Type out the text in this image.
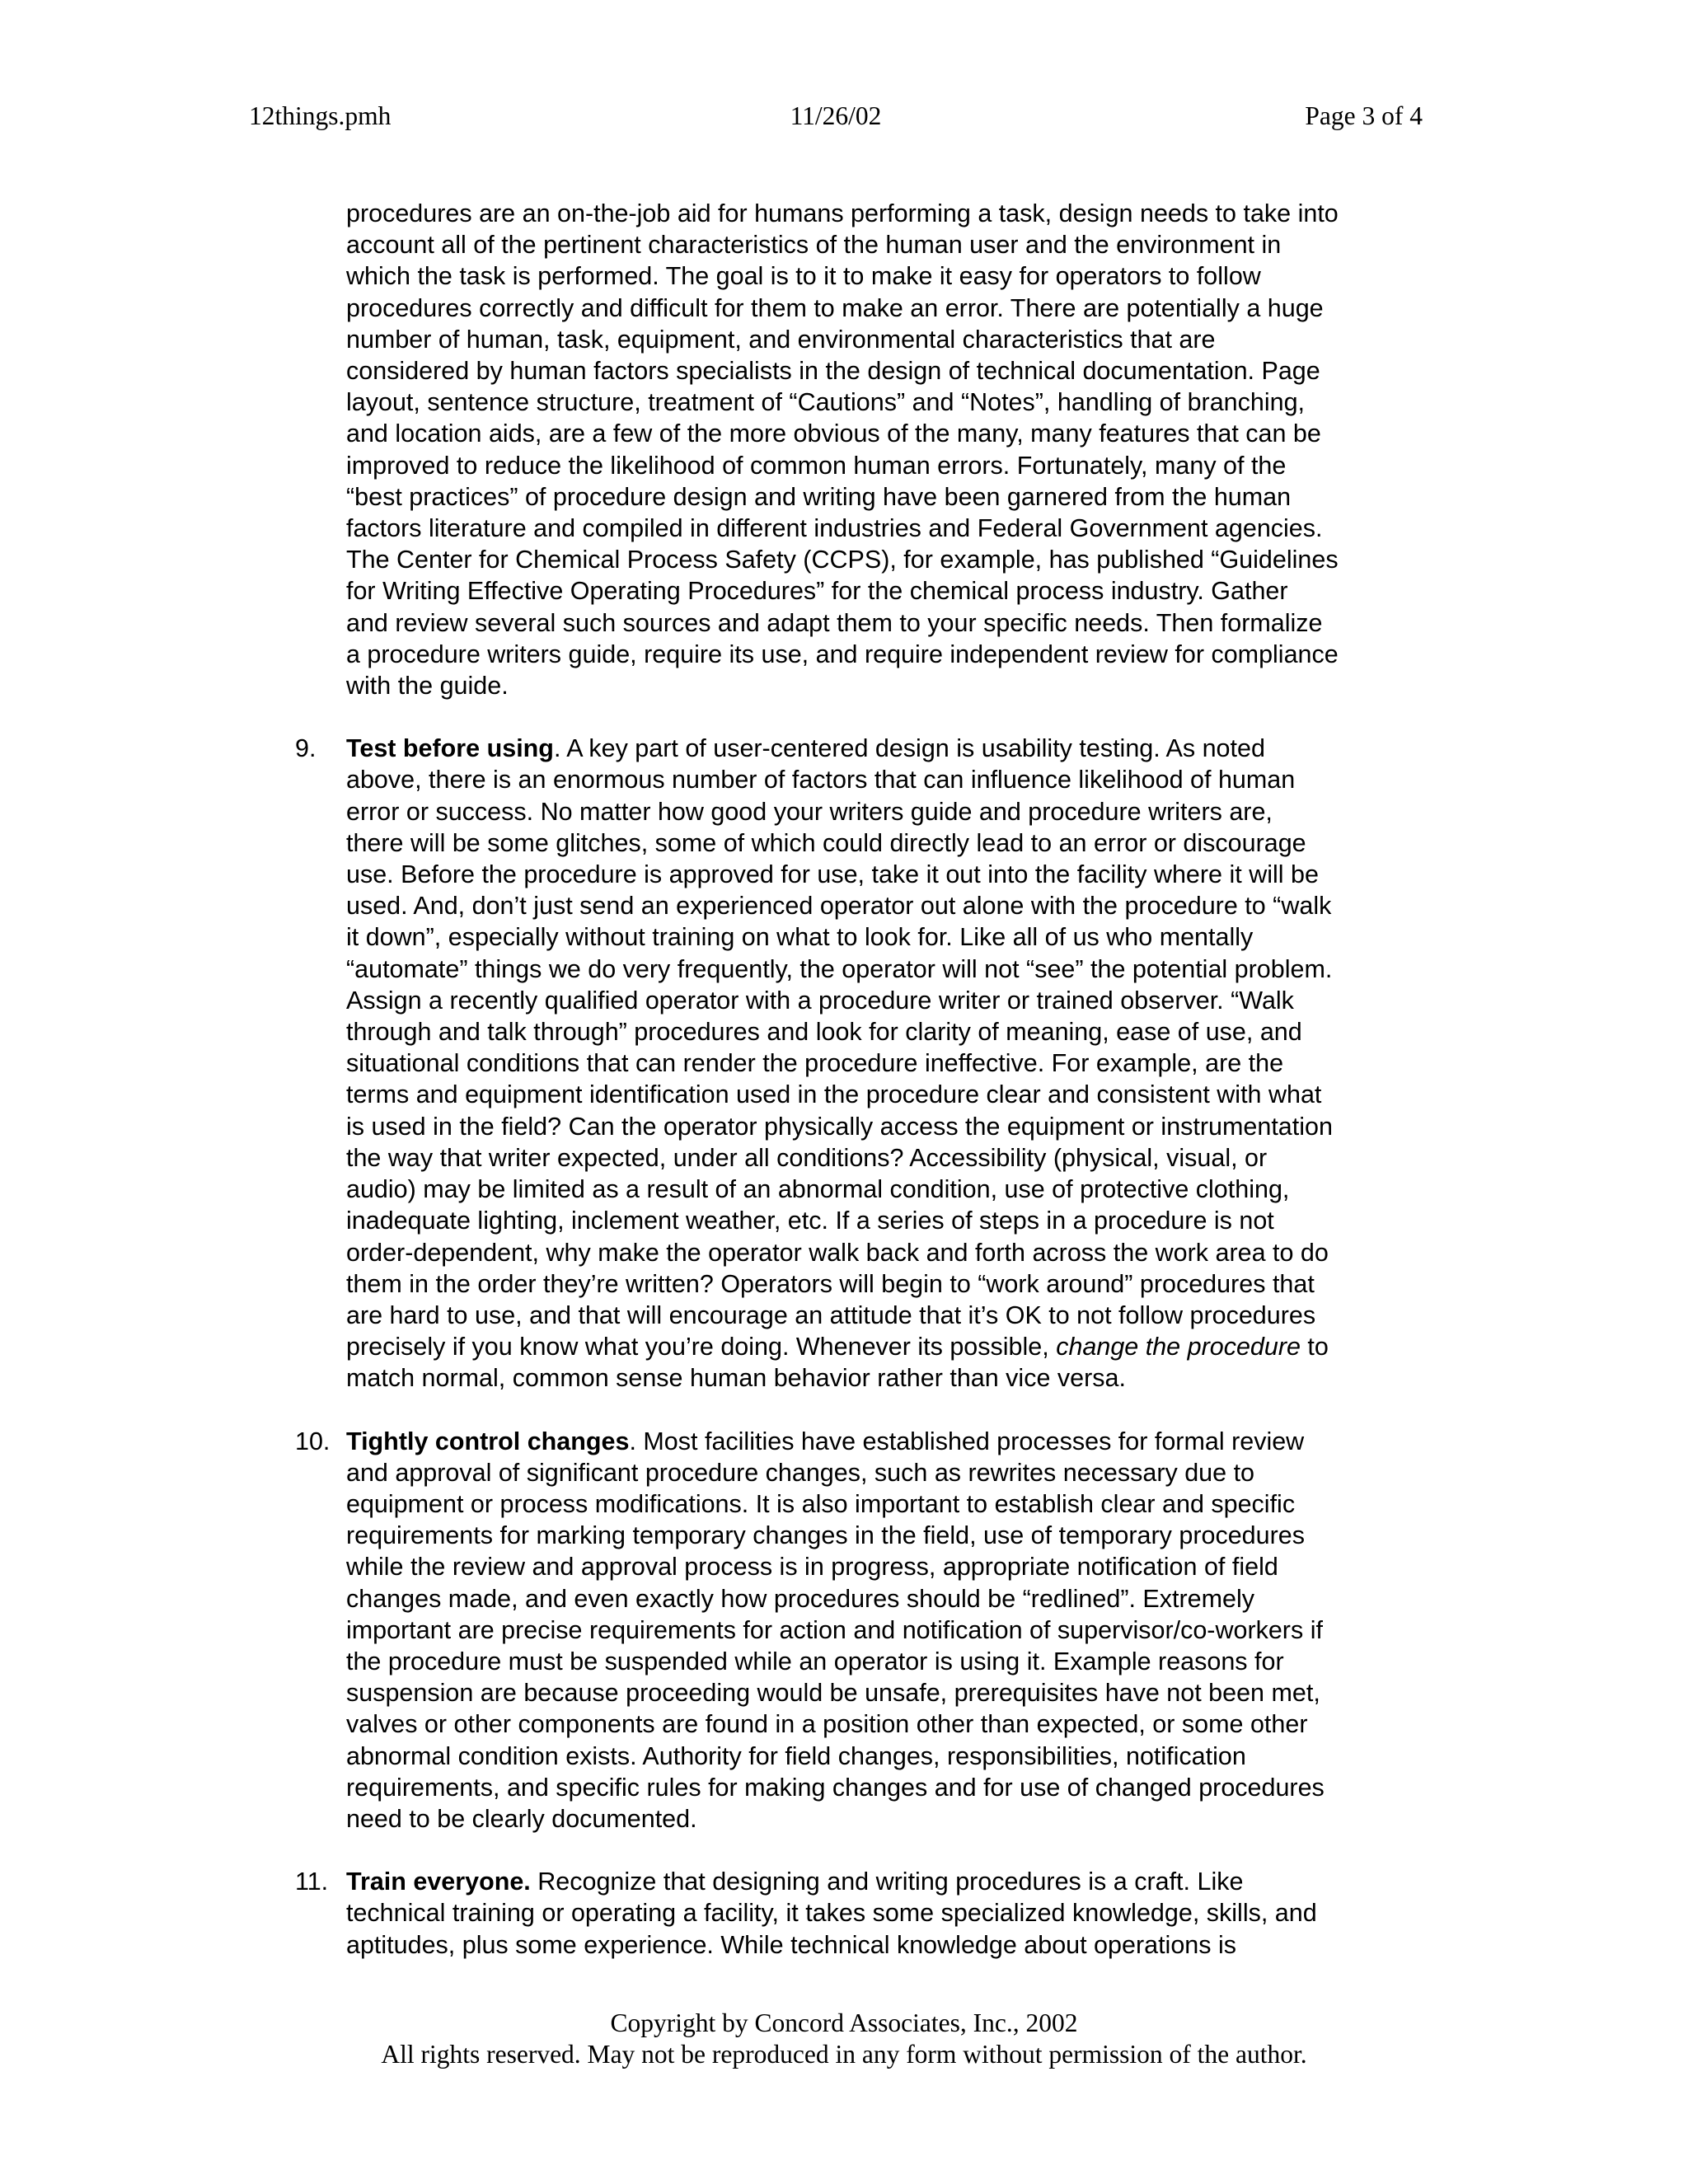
12things.pmh	11/26/02	Page 3 of 4

procedures are an on-the-job aid for humans performing a task, design needs to take into
account all of the pertinent characteristics of the human user and the environment in
which the task is performed. The goal is to it to make it easy for operators to follow
procedures correctly and difficult for them to make an error. There are potentially a huge
number of human, task, equipment, and environmental characteristics that are
considered by human factors specialists in the design of technical documentation. Page
layout, sentence structure, treatment of “Cautions” and “Notes”, handling of branching,
and location aids, are a few of the more obvious of the many, many features that can be
improved to reduce the likelihood of common human errors. Fortunately, many of the
“best practices” of procedure design and writing have been garnered from the human
factors literature and compiled in different industries and Federal Government agencies.
The Center for Chemical Process Safety (CCPS), for example, has published “Guidelines
for Writing Effective Operating Procedures” for the chemical process industry. Gather
and review several such sources and adapt them to your specific needs. Then formalize
a procedure writers guide, require its use, and require independent review for compliance
with the guide.

9. Test before using. A key part of user-centered design is usability testing. As noted
above, there is an enormous number of factors that can influence likelihood of human
error or success. No matter how good your writers guide and procedure writers are,
there will be some glitches, some of which could directly lead to an error or discourage
use. Before the procedure is approved for use, take it out into the facility where it will be
used. And, don’t just send an experienced operator out alone with the procedure to “walk
it down”, especially without training on what to look for. Like all of us who mentally
“automate” things we do very frequently, the operator will not “see” the potential problem.
Assign a recently qualified operator with a procedure writer or trained observer. “Walk
through and talk through” procedures and look for clarity of meaning, ease of use, and
situational conditions that can render the procedure ineffective. For example, are the
terms and equipment identification used in the procedure clear and consistent with what
is used in the field? Can the operator physically access the equipment or instrumentation
the way that writer expected, under all conditions? Accessibility (physical, visual, or
audio) may be limited as a result of an abnormal condition, use of protective clothing,
inadequate lighting, inclement weather, etc. If a series of steps in a procedure is not
order-dependent, why make the operator walk back and forth across the work area to do
them in the order they’re written? Operators will begin to “work around” procedures that
are hard to use, and that will encourage an attitude that it’s OK to not follow procedures
precisely if you know what you’re doing. Whenever its possible, change the procedure to
match normal, common sense human behavior rather than vice versa.
10. Tightly control changes. Most facilities have established processes for formal review
and approval of significant procedure changes, such as rewrites necessary due to
equipment or process modifications. It is also important to establish clear and specific
requirements for marking temporary changes in the field, use of temporary procedures
while the review and approval process is in progress, appropriate notification of field
changes made, and even exactly how procedures should be “redlined”. Extremely
important are precise requirements for action and notification of supervisor/co-workers if
the procedure must be suspended while an operator is using it. Example reasons for
suspension are because proceeding would be unsafe, prerequisites have not been met,
valves or other components are found in a position other than expected, or some other
abnormal condition exists. Authority for field changes, responsibilities, notification
requirements, and specific rules for making changes and for use of changed procedures
need to be clearly documented.
11. Train everyone. Recognize that designing and writing procedures is a craft. Like
technical training or operating a facility, it takes some specialized knowledge, skills, and
aptitudes, plus some experience. While technical knowledge about operations is
Copyright by Concord Associates, Inc., 2002
All rights reserved. May not be reproduced in any form without permission of the author.
